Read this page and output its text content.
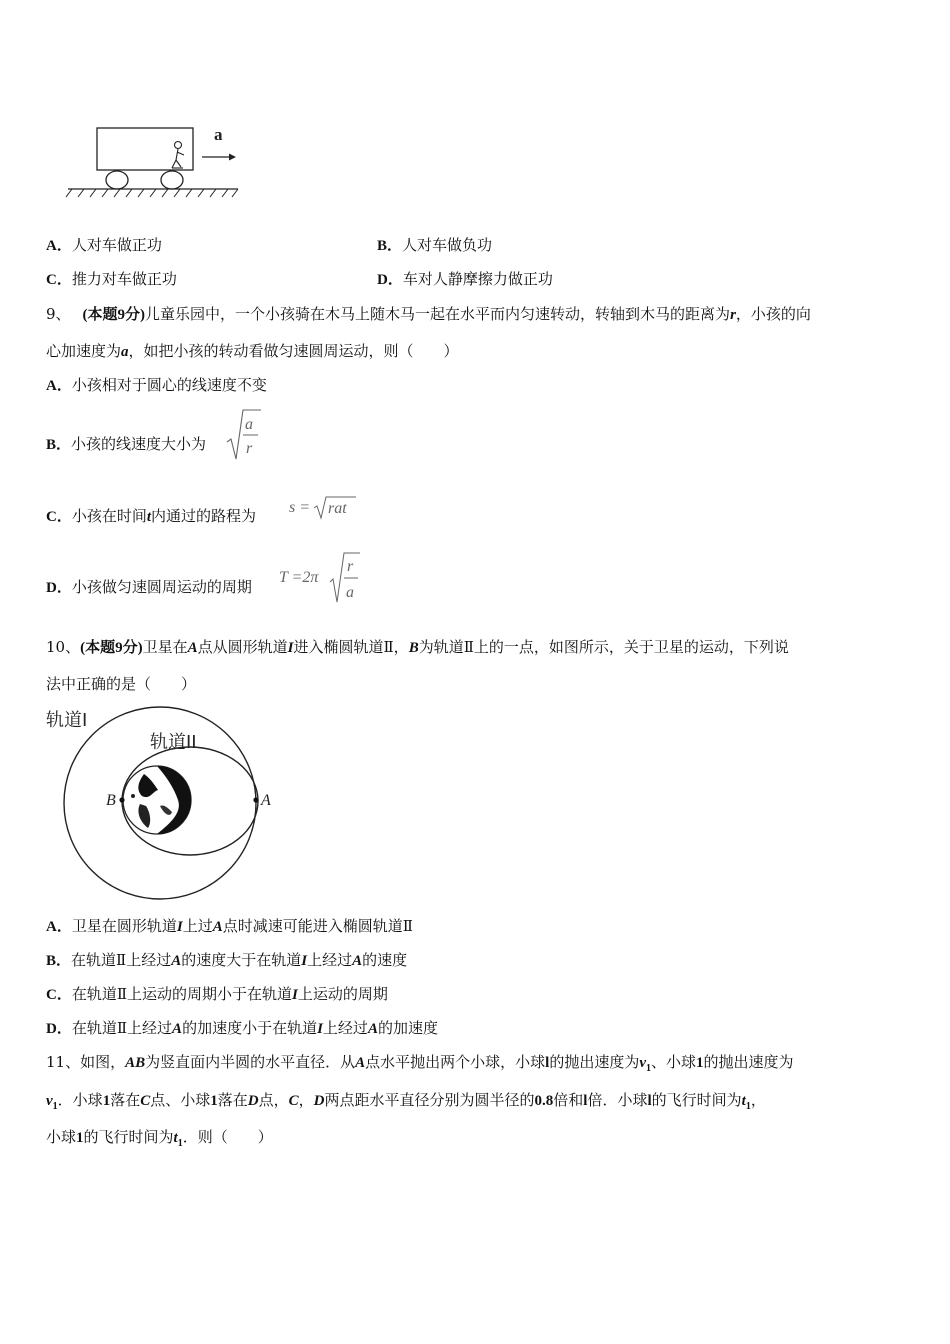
a
A．人对车做正功	B．人对车做负功
C．推力对车做正功	D．车对人静摩擦力做正功
9、 (本题9分)儿童乐园中，一个小孩骑在木马上随木马一起在水平而内匀速转动，转轴到木马的距离为r，小孩的向
心加速度为a，如把小孩的转动看做匀速圆周运动，则（　　）
A．小孩相对于圆心的线速度不变
B．小孩的线速度大小为
a
r
C．小孩在时间t内通过的路程为 s = rat
D．小孩做匀速圆周运动的周期
T =2π
r
a
10、(本题9分)卫星在A点从圆形轨道I进入椭圆轨道Ⅱ，B为轨道Ⅱ上的一点，如图所示，关于卫星的运动，下列说
法中正确的是（　　）
轨道I
轨道II
A
B
A．卫星在圆形轨道I上过A点时减速可能进入椭圆轨道Ⅱ
B．在轨道Ⅱ上经过A的速度大于在轨道I上经过A的速度
C．在轨道Ⅱ上运动的周期小于在轨道I上运动的周期
D．在轨道Ⅱ上经过A的加速度小于在轨道I上经过A的加速度
11、如图，AB为竖直面内半圆的水平直径．从A点水平抛出两个小球，小球l的抛出速度为$v_1$、小球1的抛出速度为
$v_1$．小球1落在C点、小球1落在D点，C，D两点距水平直径分别为圆半径的0.8倍和l倍．小球l的飞行时间为$t_1$，
小球1的飞行时间为$t_1$．则（　　）
